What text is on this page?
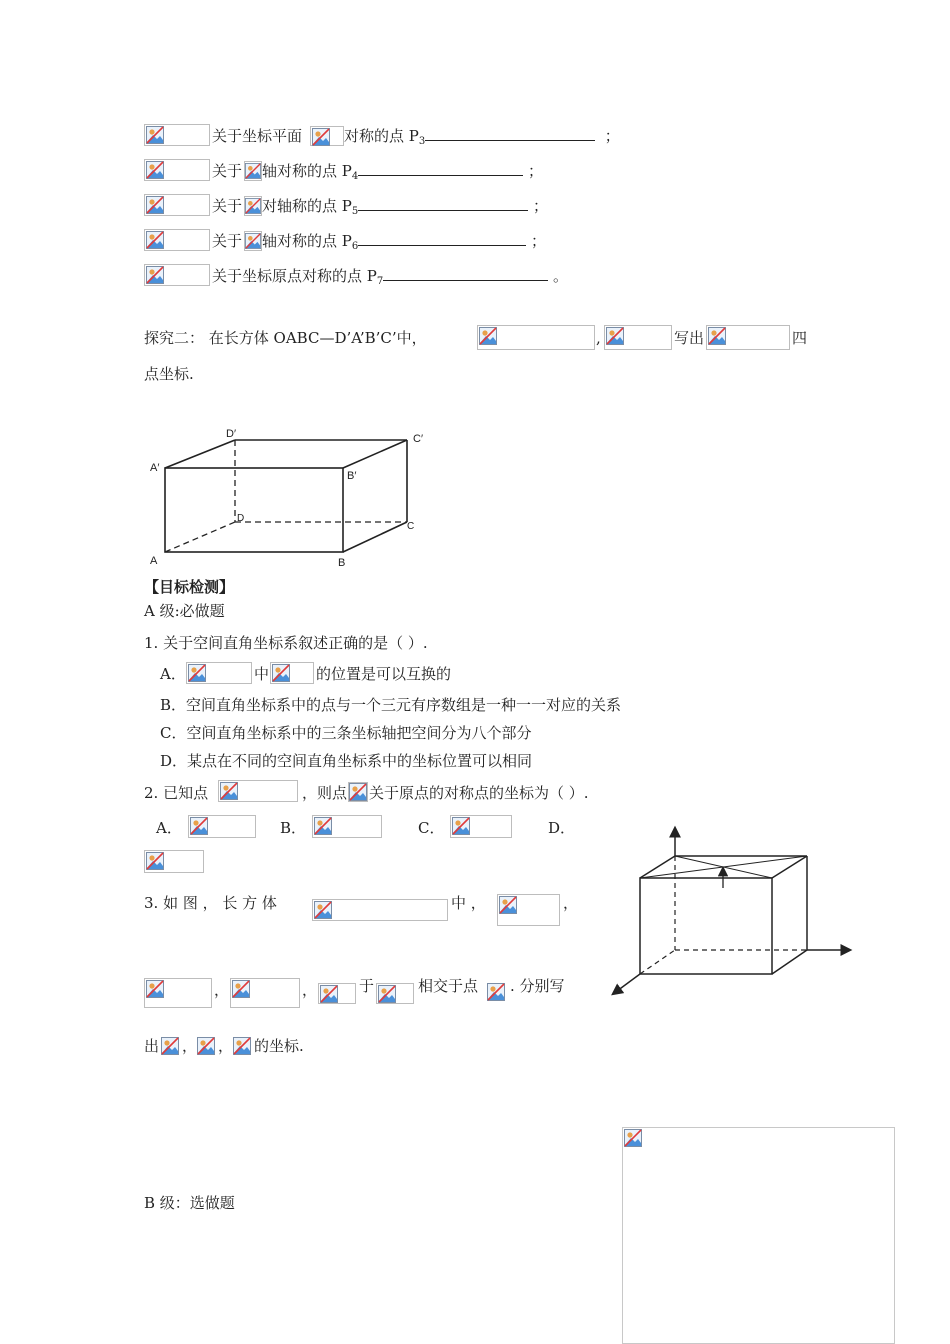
关于坐标平面	对称的点 $P_3$	；
关于 轴对称的点 $P_4$	；
关于 对轴称的点 $P_5$	；
关于 轴对称的点 $P_6$	；
关于坐标原点对称的点 $P_7$	。
探究二： 在长方体 OABC—D’A’B’C’中，	,	写出	四
点坐标.
D′	C′
A′
B′
D
C
A	B
【目标检测】
A 级:必做题
1. 关于空间直角坐标系叙述正确的是（ ）.
A．	中	的位置是可以互换的
B．空间直角坐标系中的点与一个三元有序数组是一种一一对应的关系
C．空间直角坐标系中的三条坐标轴把空间分为八个部分
D．某点在不同的空间直角坐标系中的坐标位置可以相同
2. 已知点	，则点 关于原点的对称点的坐标为（ ）.
A．	B．	C．	D．
3. 如 图 ， 长 方 体	中 ，	，
，	，	于	相交于点 . 分别写
出 ， ， 的坐标.
B 级：选做题
